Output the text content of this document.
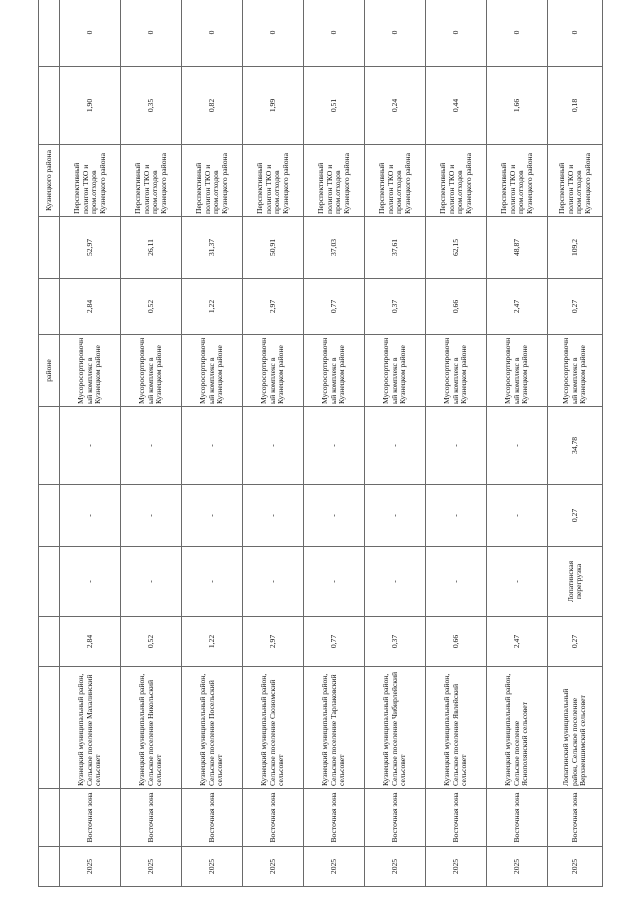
							районе			Кузнецкого района		
2025	Восточная зона	Кузнецкий муниципальный район, Сельское поселение Махалинский сельсовет	2,84	-	-	-	Мусоросортировочный комплекс в Кузнецком районе	2,84	52,97	Перспективный полигон ТКО и пром.отходов Кузнецкого района	1,90	0
2025	Восточная зона	Кузнецкий муниципальный район, Сельское поселение Никольский сельсовет	0,52	-	-	-	Мусоросортировочный комплекс в Кузнецком районе	0,52	26,11	Перспективный полигон ТКО и пром.отходов Кузнецкого района	0,35	0
2025	Восточная зона	Кузнецкий муниципальный район, Сельское поселение Посельский сельсовет	1,22	-	-	-	Мусоросортировочный комплекс в Кузнецком районе	1,22	31,37	Перспективный полигон ТКО и пром.отходов Кузнецкого района	0,82	0
2025	Восточная зона	Кузнецкий муниципальный район, Сельское поселение Сюзюмский сельсовет	2,97	-	-	-	Мусоросортировочный комплекс в Кузнецком районе	2,97	50,91	Перспективный полигон ТКО и пром.отходов Кузнецкого района	1,99	0
2025	Восточная зона	Кузнецкий муниципальный район, Сельское поселение Тарлаковский сельсовет	0,77	-	-	-	Мусоросортировочный комплекс в Кузнецком районе	0,77	37,03	Перспективный полигон ТКО и пром.отходов Кузнецкого района	0,51	0
2025	Восточная зона	Кузнецкий муниципальный район, Сельское поселение Чибирлейский сельсовет	0,37	-	-	-	Мусоросортировочный комплекс в Кузнецком районе	0,37	37,61	Перспективный полигон ТКО и пром.отходов Кузнецкого района	0,24	0
2025	Восточная зона	Кузнецкий муниципальный район, Сельское поселение Явлейский сельсовет	0,66	-	-	-	Мусоросортировочный комплекс в Кузнецком районе	0,66	62,15	Перспективный полигон ТКО и пром.отходов Кузнецкого района	0,44	0
2025	Восточная зона	Кузнецкий муниципальный район, Сельское поселение Яснополянский сельсовет	2,47	-	-	-	Мусоросортировочный комплекс в Кузнецком районе	2,47	48,87	Перспективный полигон ТКО и пром.отходов Кузнецкого района	1,66	0
2025	Восточная зона	Лопатинский муниципальный район, Сельское поселение Верхнеишимский сельсовет	0,27	Лопатинская перегрузка	0,27	34,78	Мусоросортировочный комплекс в Кузнецком районе	0,27	109,2	Перспективный полигон ТКО и пром.отходов Кузнецкого района	0,18	0
